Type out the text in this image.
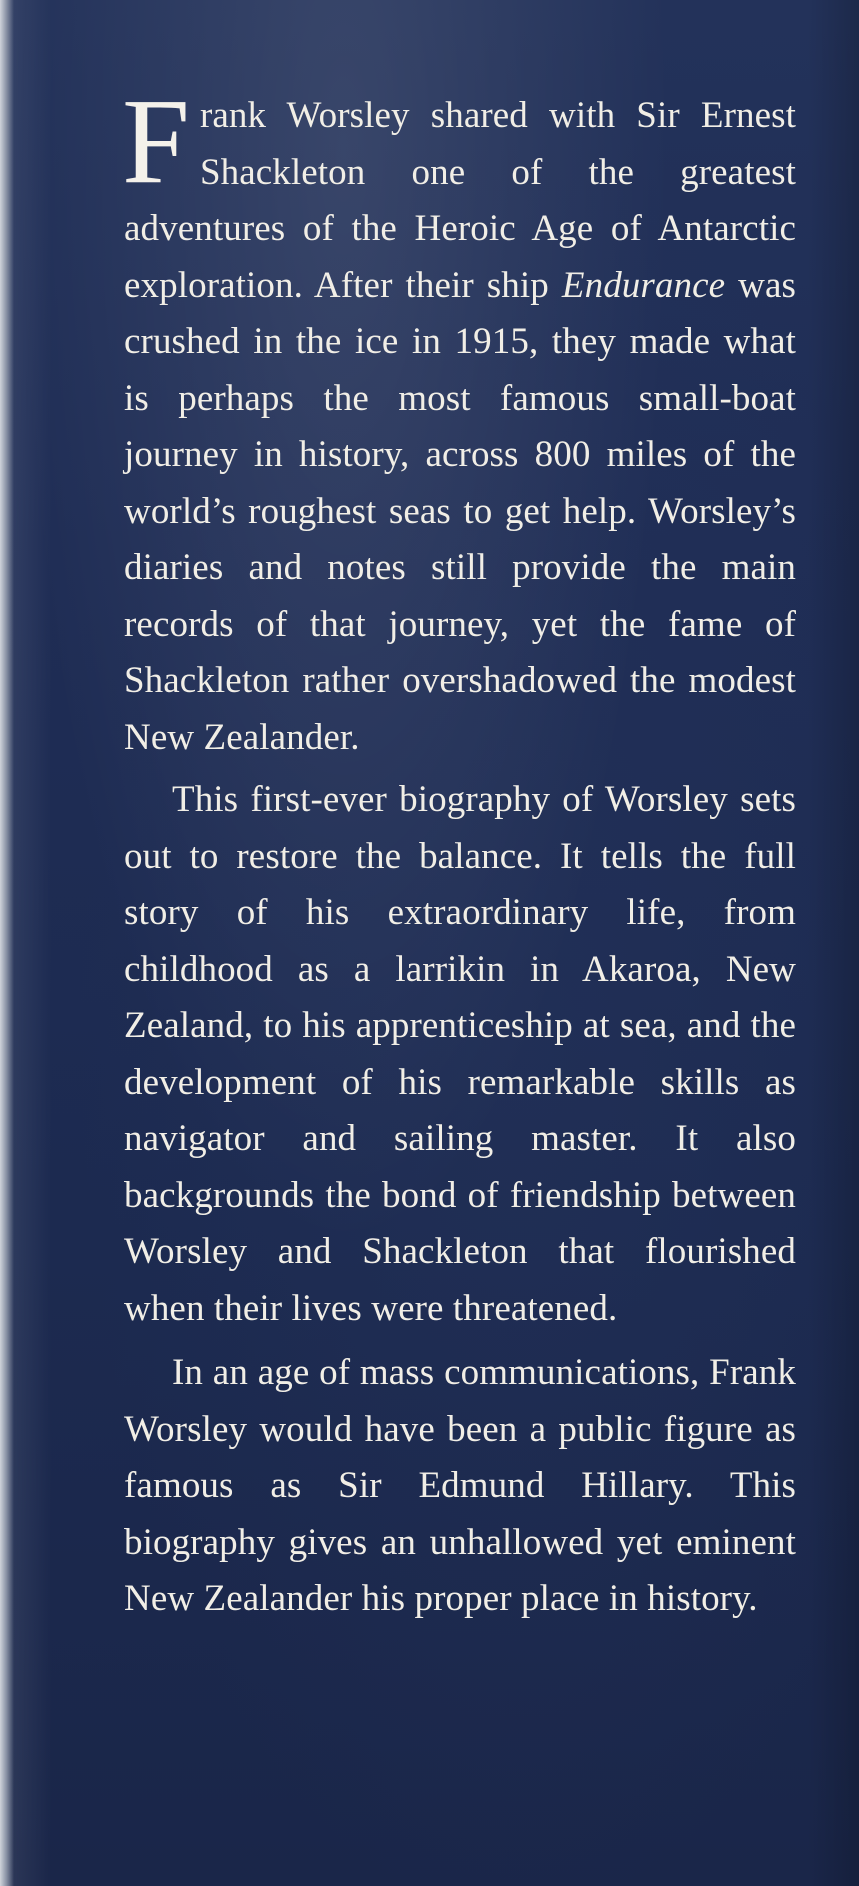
Frank Worsley shared with Sir Ernest Shackleton one of the greatest adventures of the Heroic Age of Antarctic exploration. After their ship Endurance was crushed in the ice in 1915, they made what is perhaps the most famous small-boat journey in history, across 800 miles of the world’s roughest seas to get help. Worsley’s diaries and notes still provide the main records of that journey, yet the fame of Shackleton rather overshadowed the modest New Zealander.

This first-ever biography of Worsley sets out to restore the balance. It tells the full story of his extraordinary life, from childhood as a larrikin in Akaroa, New Zealand, to his apprenticeship at sea, and the development of his remarkable skills as navigator and sailing master. It also backgrounds the bond of friendship between Worsley and Shackleton that flourished when their lives were threatened.

In an age of mass communications, Frank Worsley would have been a public figure as famous as Sir Edmund Hillary. This biography gives an unhallowed yet eminent New Zealander his proper place in history.
